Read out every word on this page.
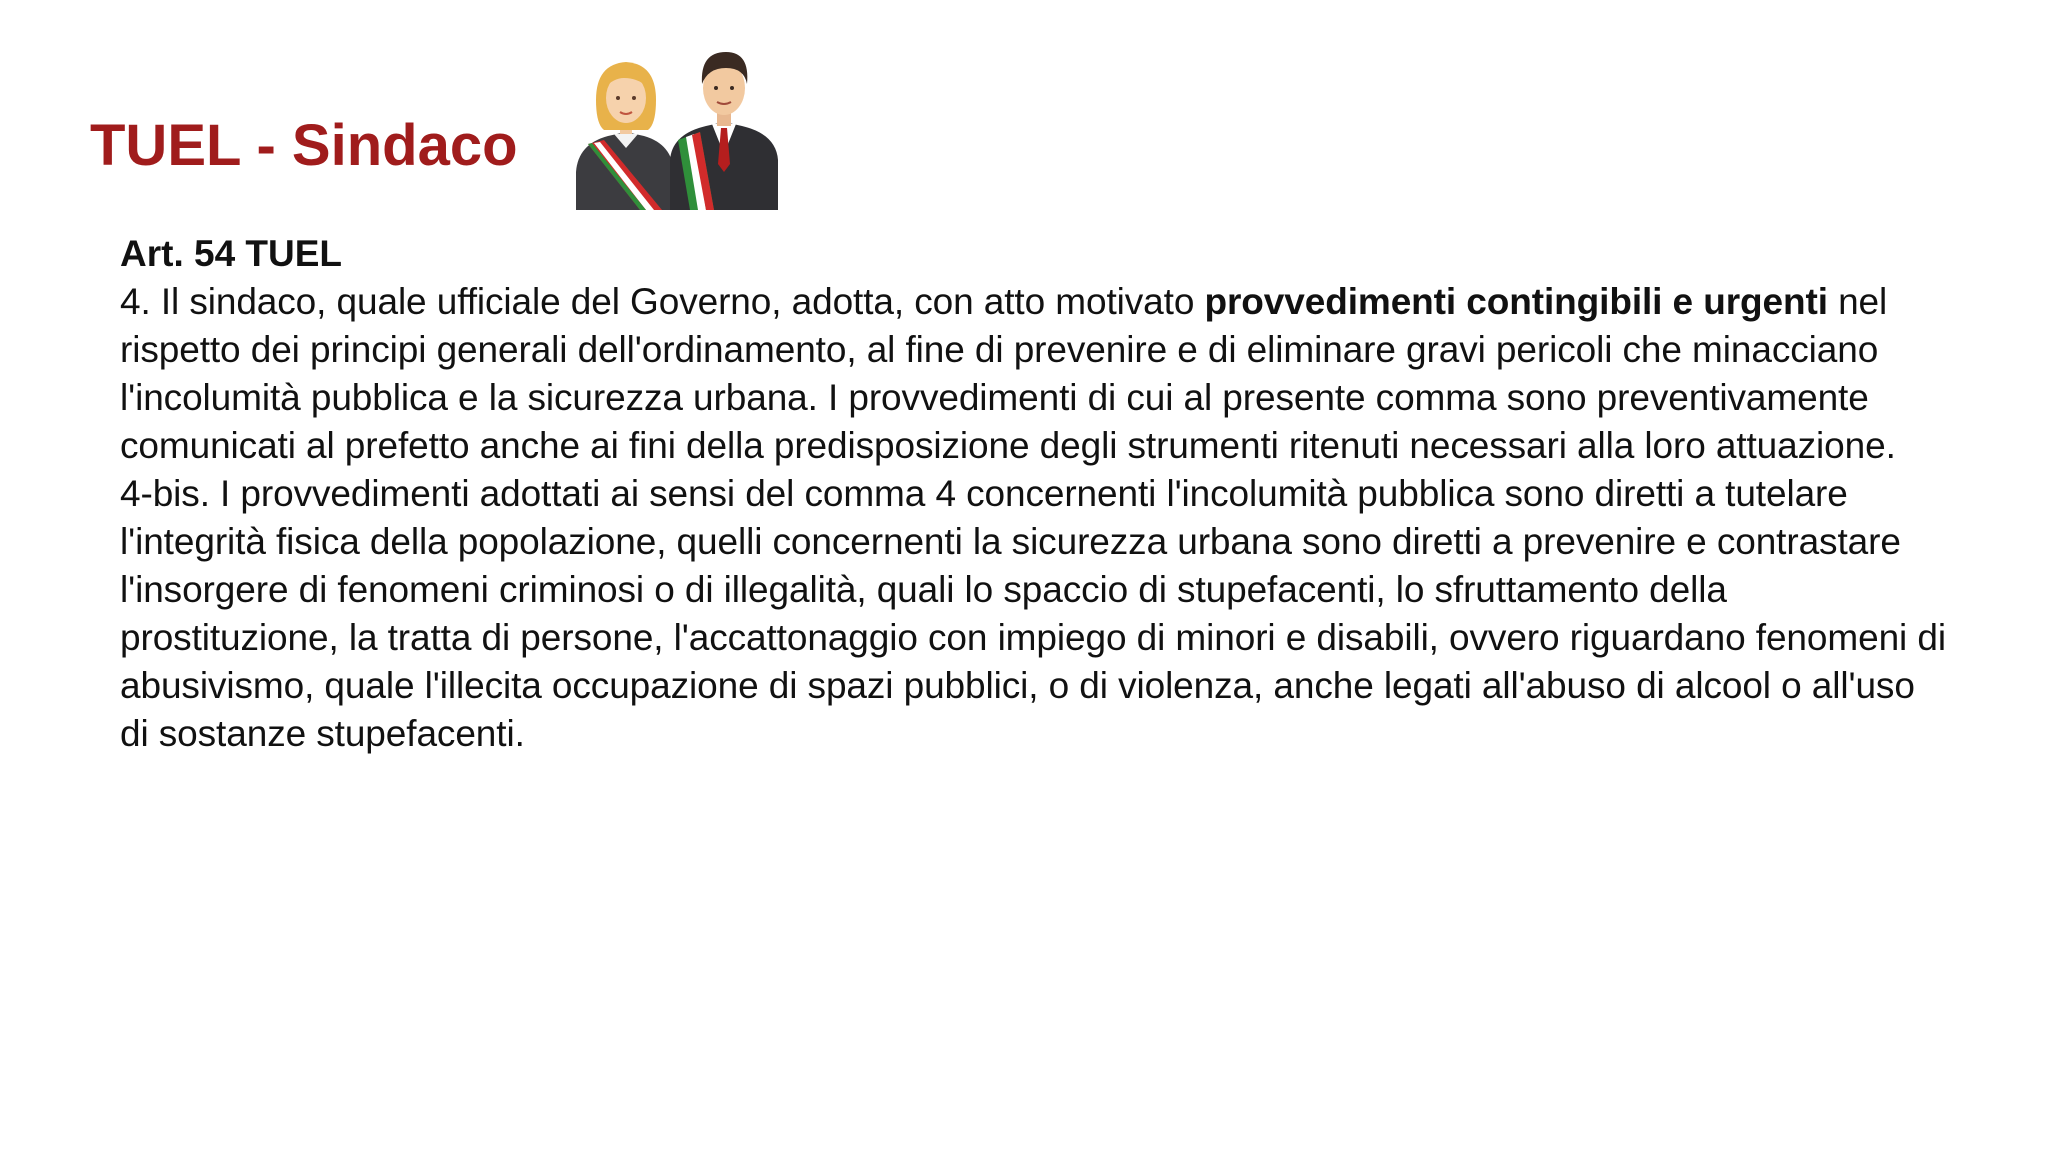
TUEL - Sindaco

Art. 54 TUEL

4. Il sindaco, quale ufficiale del Governo, adotta, con atto motivato provvedimenti contingibili e urgenti nel rispetto dei principi generali dell'ordinamento, al fine di prevenire e di eliminare gravi pericoli che minacciano l'incolumità pubblica e la sicurezza urbana. I provvedimenti di cui al presente comma sono preventivamente comunicati al prefetto anche ai fini della predisposizione degli strumenti ritenuti necessari alla loro attuazione.

4-bis. I provvedimenti adottati ai sensi del comma 4 concernenti l'incolumità pubblica sono diretti a tutelare l'integrità fisica della popolazione, quelli concernenti la sicurezza urbana sono diretti a prevenire e contrastare l'insorgere di fenomeni criminosi o di illegalità, quali lo spaccio di stupefacenti, lo sfruttamento della prostituzione, la tratta di persone, l'accattonaggio con impiego di minori e disabili, ovvero riguardano fenomeni di abusivismo, quale l'illecita occupazione di spazi pubblici, o di violenza, anche legati all'abuso di alcool o all'uso di sostanze stupefacenti.
